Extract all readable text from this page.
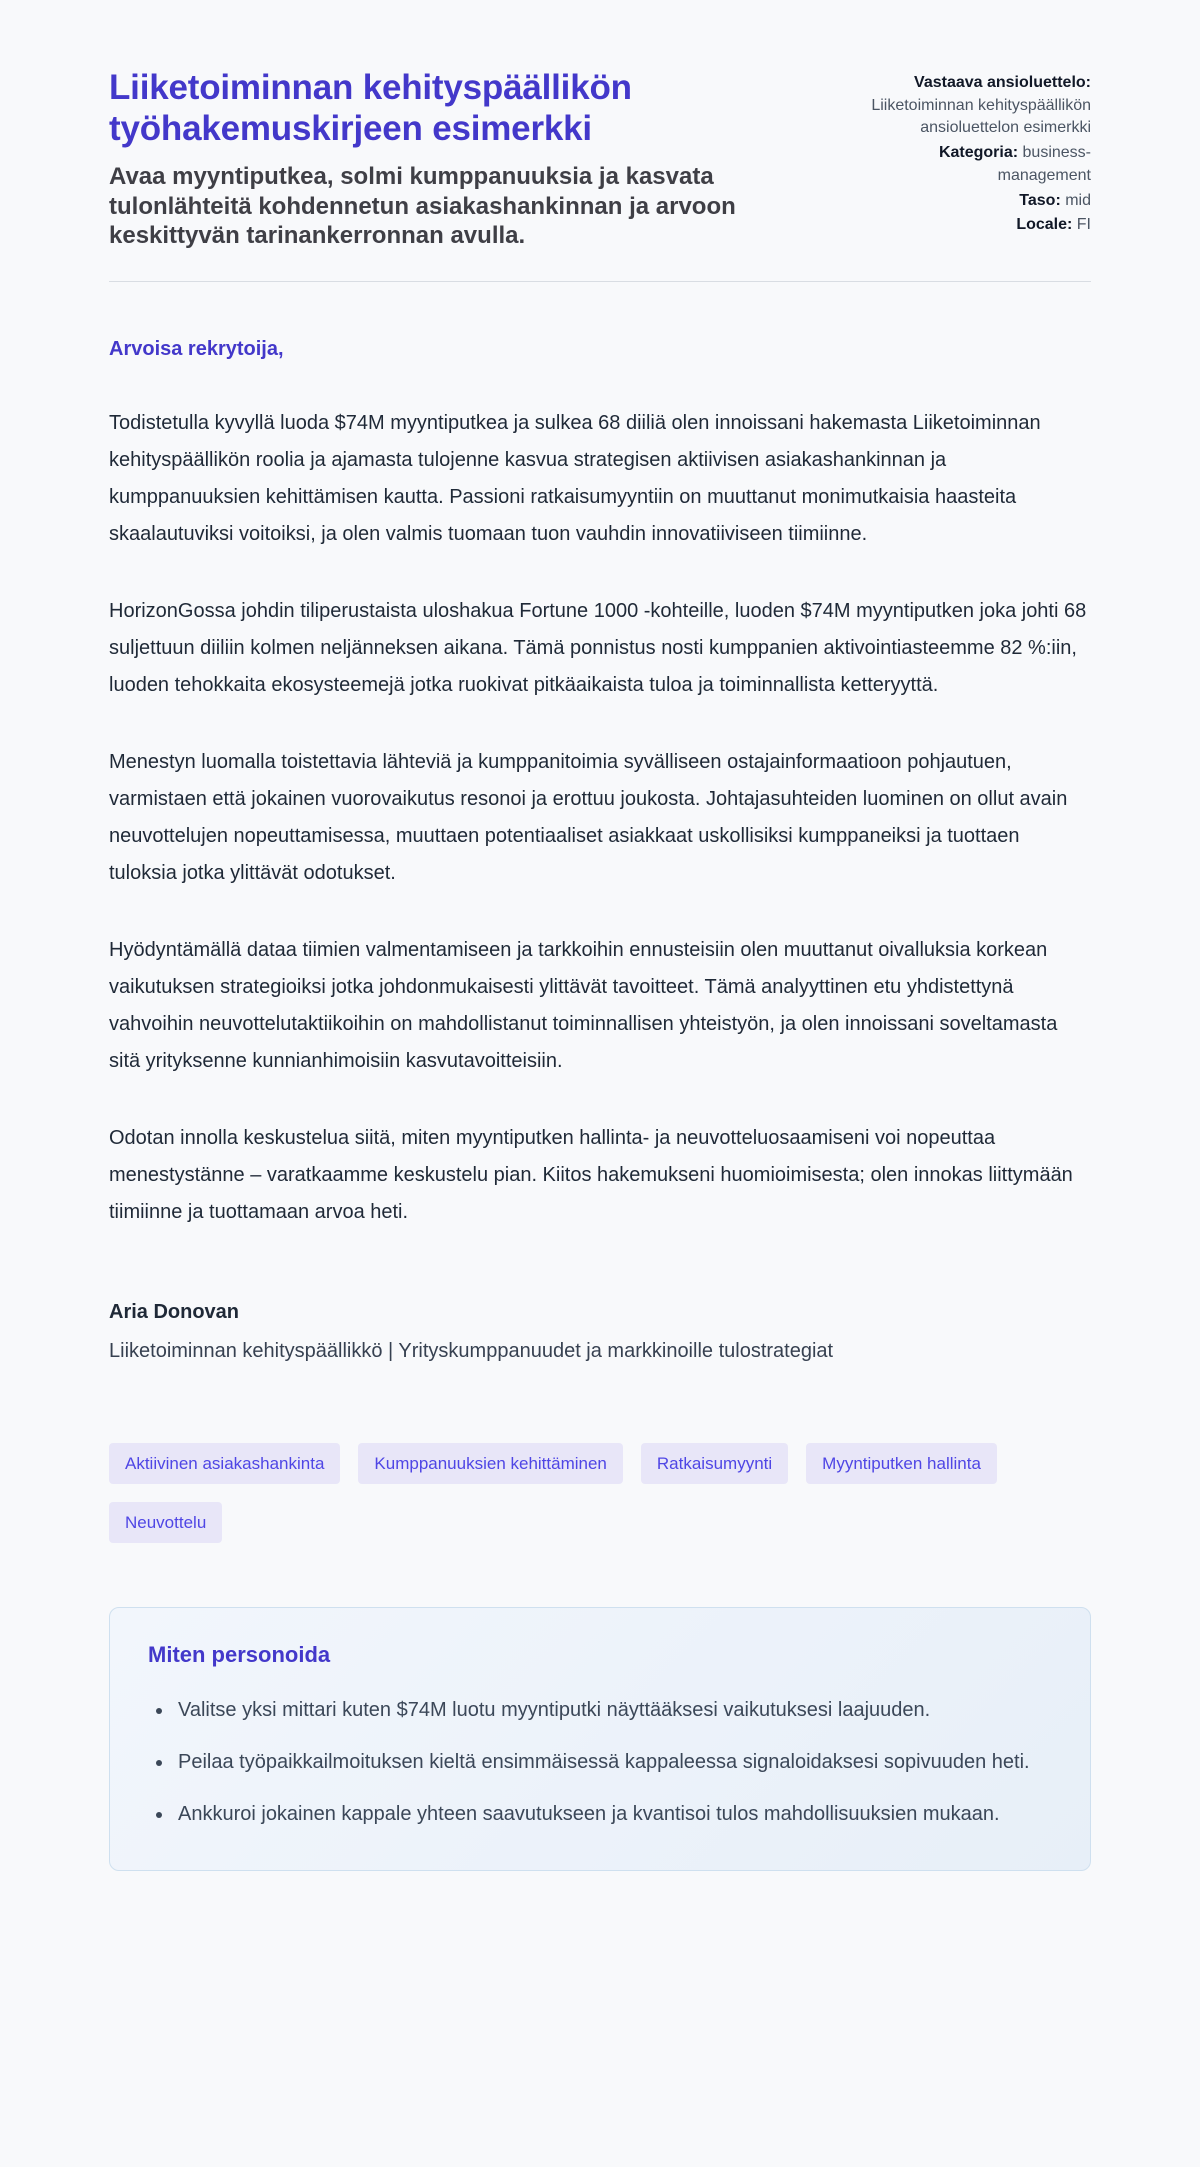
Liiketoiminnan kehityspäällikön työhakemuskirjeen esimerkki

Avaa myyntiputkea, solmi kumppanuuksia ja kasvata tulonlähteitä kohdennetun asiakashankinnan ja arvoon keskittyvän tarinankerronnan avulla.

Vastaava ansioluettelo: Liiketoiminnan kehityspäällikön ansioluettelon esimerkki
Kategoria: business-management
Taso: mid
Locale: FI

Arvoisa rekrytoija,

Todistetulla kyvyllä luoda $74M myyntiputkea ja sulkea 68 diiliä olen innoissani hakemasta Liiketoiminnan kehityspäällikön roolia ja ajamasta tulojenne kasvua strategisen aktiivisen asiakashankinnan ja kumppanuuksien kehittämisen kautta. Passioni ratkaisumyyntiin on muuttanut monimutkaisia haasteita skaalautuviksi voitoiksi, ja olen valmis tuomaan tuon vauhdin innovatiiviseen tiimiinne.

HorizonGossa johdin tiliperustaista uloshakua Fortune 1000 -kohteille, luoden $74M myyntiputken joka johti 68 suljettuun diiliin kolmen neljänneksen aikana. Tämä ponnistus nosti kumppanien aktivointiasteemme 82 %:iin, luoden tehokkaita ekosysteemejä jotka ruokivat pitkäaikaista tuloa ja toiminnallista ketteryyttä.

Menestyn luomalla toistettavia lähteviä ja kumppanitoimia syvälliseen ostajainformaatioon pohjautuen, varmistaen että jokainen vuorovaikutus resonoi ja erottuu joukosta. Johtajasuhteiden luominen on ollut avain neuvottelujen nopeuttamisessa, muuttaen potentiaaliset asiakkaat uskollisiksi kumppaneiksi ja tuottaen tuloksia jotka ylittävät odotukset.

Hyödyntämällä dataa tiimien valmentamiseen ja tarkkoihin ennusteisiin olen muuttanut oivalluksia korkean vaikutuksen strategioiksi jotka johdonmukaisesti ylittävät tavoitteet. Tämä analyyttinen etu yhdistettynä vahvoihin neuvottelutaktiikoihin on mahdollistanut toiminnallisen yhteistyön, ja olen innoissani soveltamasta sitä yrityksenne kunnianhimoisiin kasvutavoitteisiin.

Odotan innolla keskustelua siitä, miten myyntiputken hallinta- ja neuvotteluosaamiseni voi nopeuttaa menestystänne – varatkaamme keskustelu pian. Kiitos hakemukseni huomioimisesta; olen innokas liittymään tiimiinne ja tuottamaan arvoa heti.

Aria Donovan

Liiketoiminnan kehityspäällikkö | Yrityskumppanuudet ja markkinoille tulostrategiat

Aktiivinen asiakashankinta	Kumppanuuksien kehittäminen	Ratkaisumyynti	Myyntiputken hallinta
Neuvottelu
Miten personoida
• Valitse yksi mittari kuten $74M luotu myyntiputki näyttääksesi vaikutuksesi laajuuden.
• Peilaa työpaikkailmoituksen kieltä ensimmäisessä kappaleessa signaloidaksesi sopivuuden heti.
• Ankkuroi jokainen kappale yhteen saavutukseen ja kvantisoi tulos mahdollisuuksien mukaan.
